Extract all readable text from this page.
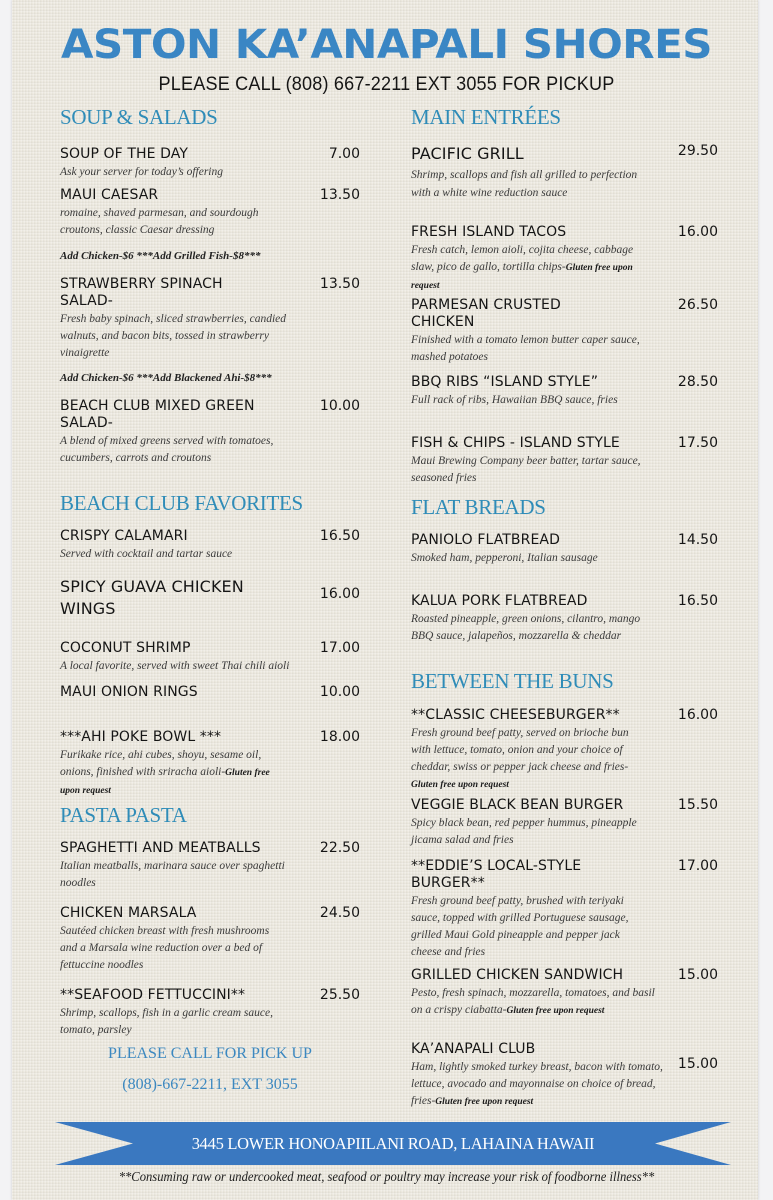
ASTON KA’ANAPALI SHORES
PLEASE CALL (808) 667-2211 EXT 3055 FOR PICKUP
SOUP & SALADS
SOUP OF THE DAY	7.00
Ask your server for today’s offering
MAUI CAESAR	13.50
romaine, shaved parmesan, and sourdough croutons, classic Caesar dressing
Add Chicken-$6 ***Add Grilled Fish-$8***
STRAWBERRY SPINACH SALAD-
13.50
Fresh baby spinach, sliced strawberries, candied walnuts, and bacon bits, tossed in strawberry vinaigrette
Add Chicken-$6 ***Add Blackened Ahi-$8***
BEACH CLUB MIXED GREEN SALAD-
10.00
A blend of mixed greens served with tomatoes, cucumbers, carrots and croutons
BEACH CLUB FAVORITES
CRISPY CALAMARI	16.50
Served with cocktail and tartar sauce
SPICY GUAVA CHICKEN WINGS
16.00
COCONUT SHRIMP	17.00
A local favorite, served with sweet Thai chili aioli
MAUI ONION RINGS	10.00
***AHI POKE BOWL ***	18.00
Furikake rice, ahi cubes, shoyu, sesame oil, onions, finished with sriracha aioli-Gluten free upon request
PASTA PASTA
SPAGHETTI AND MEATBALLS	22.50
Italian meatballs, marinara sauce over spaghetti noodles
CHICKEN MARSALA	24.50
Sautéed chicken breast with fresh mushrooms and a Marsala wine reduction over a bed of fettuccine noodles
**SEAFOOD FETTUCCINI**	25.50
Shrimp, scallops, fish in a garlic cream sauce, tomato, parsley
PLEASE CALL FOR PICK UP
(808)-667-2211, EXT 3055
MAIN ENTRÉES
PACIFIC GRILL	29.50
Shrimp, scallops and fish all grilled to perfection with a white wine reduction sauce
FRESH ISLAND TACOS	16.00
Fresh catch, lemon aioli, cojita cheese, cabbage slaw, pico de gallo, tortilla chips-Gluten free upon request
PARMESAN CRUSTED CHICKEN
26.50
Finished with a tomato lemon butter caper sauce, mashed potatoes
BBQ RIBS “ISLAND STYLE”	28.50
Full rack of ribs, Hawaiian BBQ sauce, fries
FISH & CHIPS - ISLAND STYLE	17.50
Maui Brewing Company beer batter, tartar sauce, seasoned fries
FLAT BREADS
PANIOLO FLATBREAD	14.50
Smoked ham, pepperoni, Italian sausage
KALUA PORK FLATBREAD	16.50
Roasted pineapple, green onions, cilantro, mango BBQ sauce, jalapeños, mozzarella & cheddar
BETWEEN THE BUNS
**CLASSIC CHEESEBURGER**	16.00
Fresh ground beef patty, served on brioche bun with lettuce, tomato, onion and your choice of cheddar, swiss or pepper jack cheese and fries-
Gluten free upon request
VEGGIE BLACK BEAN BURGER	15.50
Spicy black bean, red pepper hummus, pineapple jicama salad and fries
**EDDIE’S LOCAL-STYLE BURGER**
17.00
Fresh ground beef patty, brushed with teriyaki sauce, topped with grilled Portuguese sausage, grilled Maui Gold pineapple and pepper jack cheese and fries
GRILLED CHICKEN SANDWICH	15.00
Pesto, fresh spinach, mozzarella, tomatoes, and basil on a crispy ciabatta-Gluten free upon request
KA’ANAPALI CLUB
15.00
Ham, lightly smoked turkey breast, bacon with tomato, lettuce, avocado and mayonnaise on choice of bread, fries-Gluten free upon request
3445 LOWER HONOAPIILANI ROAD, LAHAINA HAWAII
**Consuming raw or undercooked meat, seafood or poultry may increase your risk of foodborne illness**
